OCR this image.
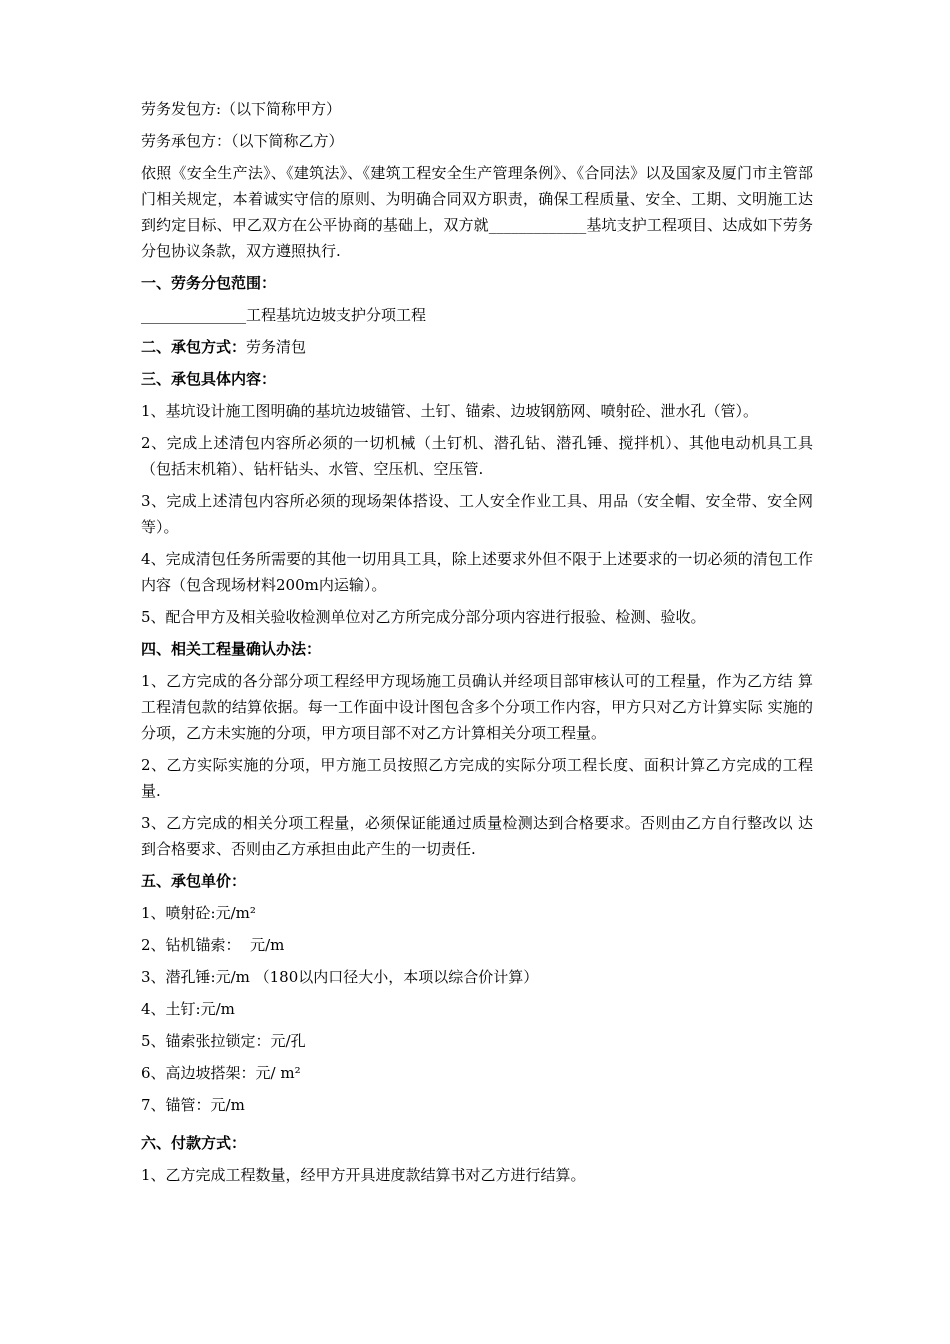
劳务发包方:（以下简称甲方）

劳务承包方：（以下简称乙方）

依照《安全生产法》、《建筑法》、《建筑工程安全生产管理条例》、《合同法》以及国家及厦门市主管部门相关规定，本着诚实守信的原则、为明确合同双方职责，确保工程质量、安全、工期、文明施工达到约定目标、甲乙双方在公平协商的基础上，双方就_____________基坑支护工程项目、达成如下劳务分包协议条款，双方遵照执行.

一、劳务分包范围：

______________工程基坑边坡支护分项工程

二、承包方式：劳务清包

三、承包具体内容：

1、基坑设计施工图明确的基坑边坡锚管、土钉、锚索、边坡钢筋网、喷射砼、泄水孔（管）。

2、完成上述清包内容所必须的一切机械（土钉机、潜孔钻、潜孔锤、搅拌机）、其他电动机具工具（包括末机箱）、钻杆钻头、水管、空压机、空压管.

3、完成上述清包内容所必须的现场架体搭设、工人安全作业工具、用品（安全帽、安全带、安全网等）。

4、完成清包任务所需要的其他一切用具工具，除上述要求外但不限于上述要求的一切必须的清包工作内容（包含现场材料200m内运输）。

5、配合甲方及相关验收检测单位对乙方所完成分部分项内容进行报验、检测、验收。

四、相关工程量确认办法：

1、乙方完成的各分部分项工程经甲方现场施工员确认并经项目部审核认可的工程量，作为乙方结 算工程清包款的结算依据。每一工作面中设计图包含多个分项工作内容，甲方只对乙方计算实际 实施的分项，乙方未实施的分项，甲方项目部不对乙方计算相关分项工程量。

2、乙方实际实施的分项，甲方施工员按照乙方完成的实际分项工程长度、面积计算乙方完成的工程量.

3、乙方完成的相关分项工程量，必须保证能通过质量检测达到合格要求。否则由乙方自行整改以 达到合格要求、否则由乙方承担由此产生的一切责任.

五、承包单价：

1、喷射砼:元/m²

2、钻机锚索：  元/m

3、潜孔锤:元/m （180以内口径大小，本项以综合价计算）

4、土钉:元/m

5、锚索张拉锁定：元/孔

6、高边坡搭架：元/ m²

7、锚管：元/m

六、付款方式：

1、乙方完成工程数量，经甲方开具进度款结算书对乙方进行结算。
